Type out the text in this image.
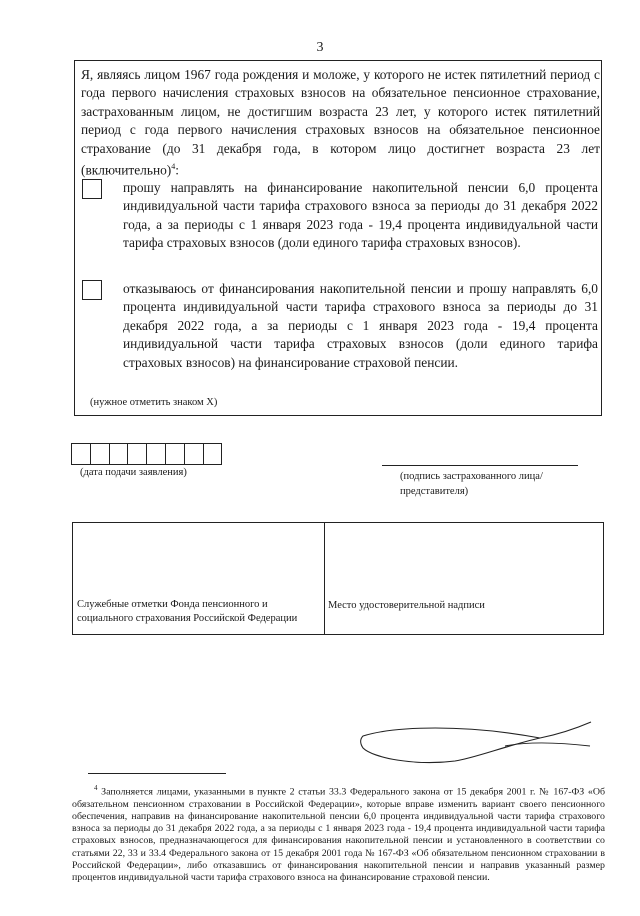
3
Я, являясь лицом 1967 года рождения и моложе, у которого не истек пятилетний период с года первого начисления страховых взносов на обязательное пенсионное страхование, застрахованным лицом, не достигшим возраста 23 лет, у которого истек пятилетний период с года первого начисления страховых взносов на обязательное пенсионное страхование (до 31 декабря года, в котором лицо достигнет возраста 23 лет (включительно)$^4$:
прошу направлять на финансирование накопительной пенсии 6,0 процента индивидуальной части тарифа страхового взноса за периоды до 31 декабря 2022 года, а за периоды с 1 января 2023 года - 19,4 процента индивидуальной части тарифа страховых взносов (доли единого тарифа страховых взносов).
отказываюсь от финансирования накопительной пенсии и прошу направлять 6,0 процента индивидуальной части тарифа страхового взноса за периоды до 31 декабря 2022 года, а за периоды с 1 января 2023 года - 19,4 процента индивидуальной части тарифа страховых взносов (доли единого тарифа страховых взносов) на финансирование страховой пенсии.
(нужное отметить знаком X)
(дата подачи заявления)	(подпись застрахованного лица/
представителя)
Служебные отметки Фонда пенсионного и
социального страхования Российской Федерации
Место удостоверительной надписи
$^4$ Заполняется лицами, указанными в пункте 2 статьи 33.3 Федерального закона от 15 декабря 2001 г. № 167-ФЗ «Об обязательном пенсионном страховании в Российской Федерации», которые вправе изменить вариант своего пенсионного обеспечения, направив на финансирование накопительной пенсии 6,0 процента индивидуальной части тарифа страхового взноса за периоды до 31 декабря 2022 года, а за периоды с 1 января 2023 года - 19,4 процента индивидуальной части тарифа страховых взносов, предназначающегося для финансирования накопительной пенсии и установленного в соответствии со статьями 22, 33 и 33.4 Федерального закона от 15 декабря 2001 года № 167-ФЗ «Об обязательном пенсионном страховании в Российской Федерации», либо отказавшись от финансирования накопительной пенсии и направив указанный размер процентов индивидуальной части тарифа страхового взноса на финансирование страховой пенсии.
